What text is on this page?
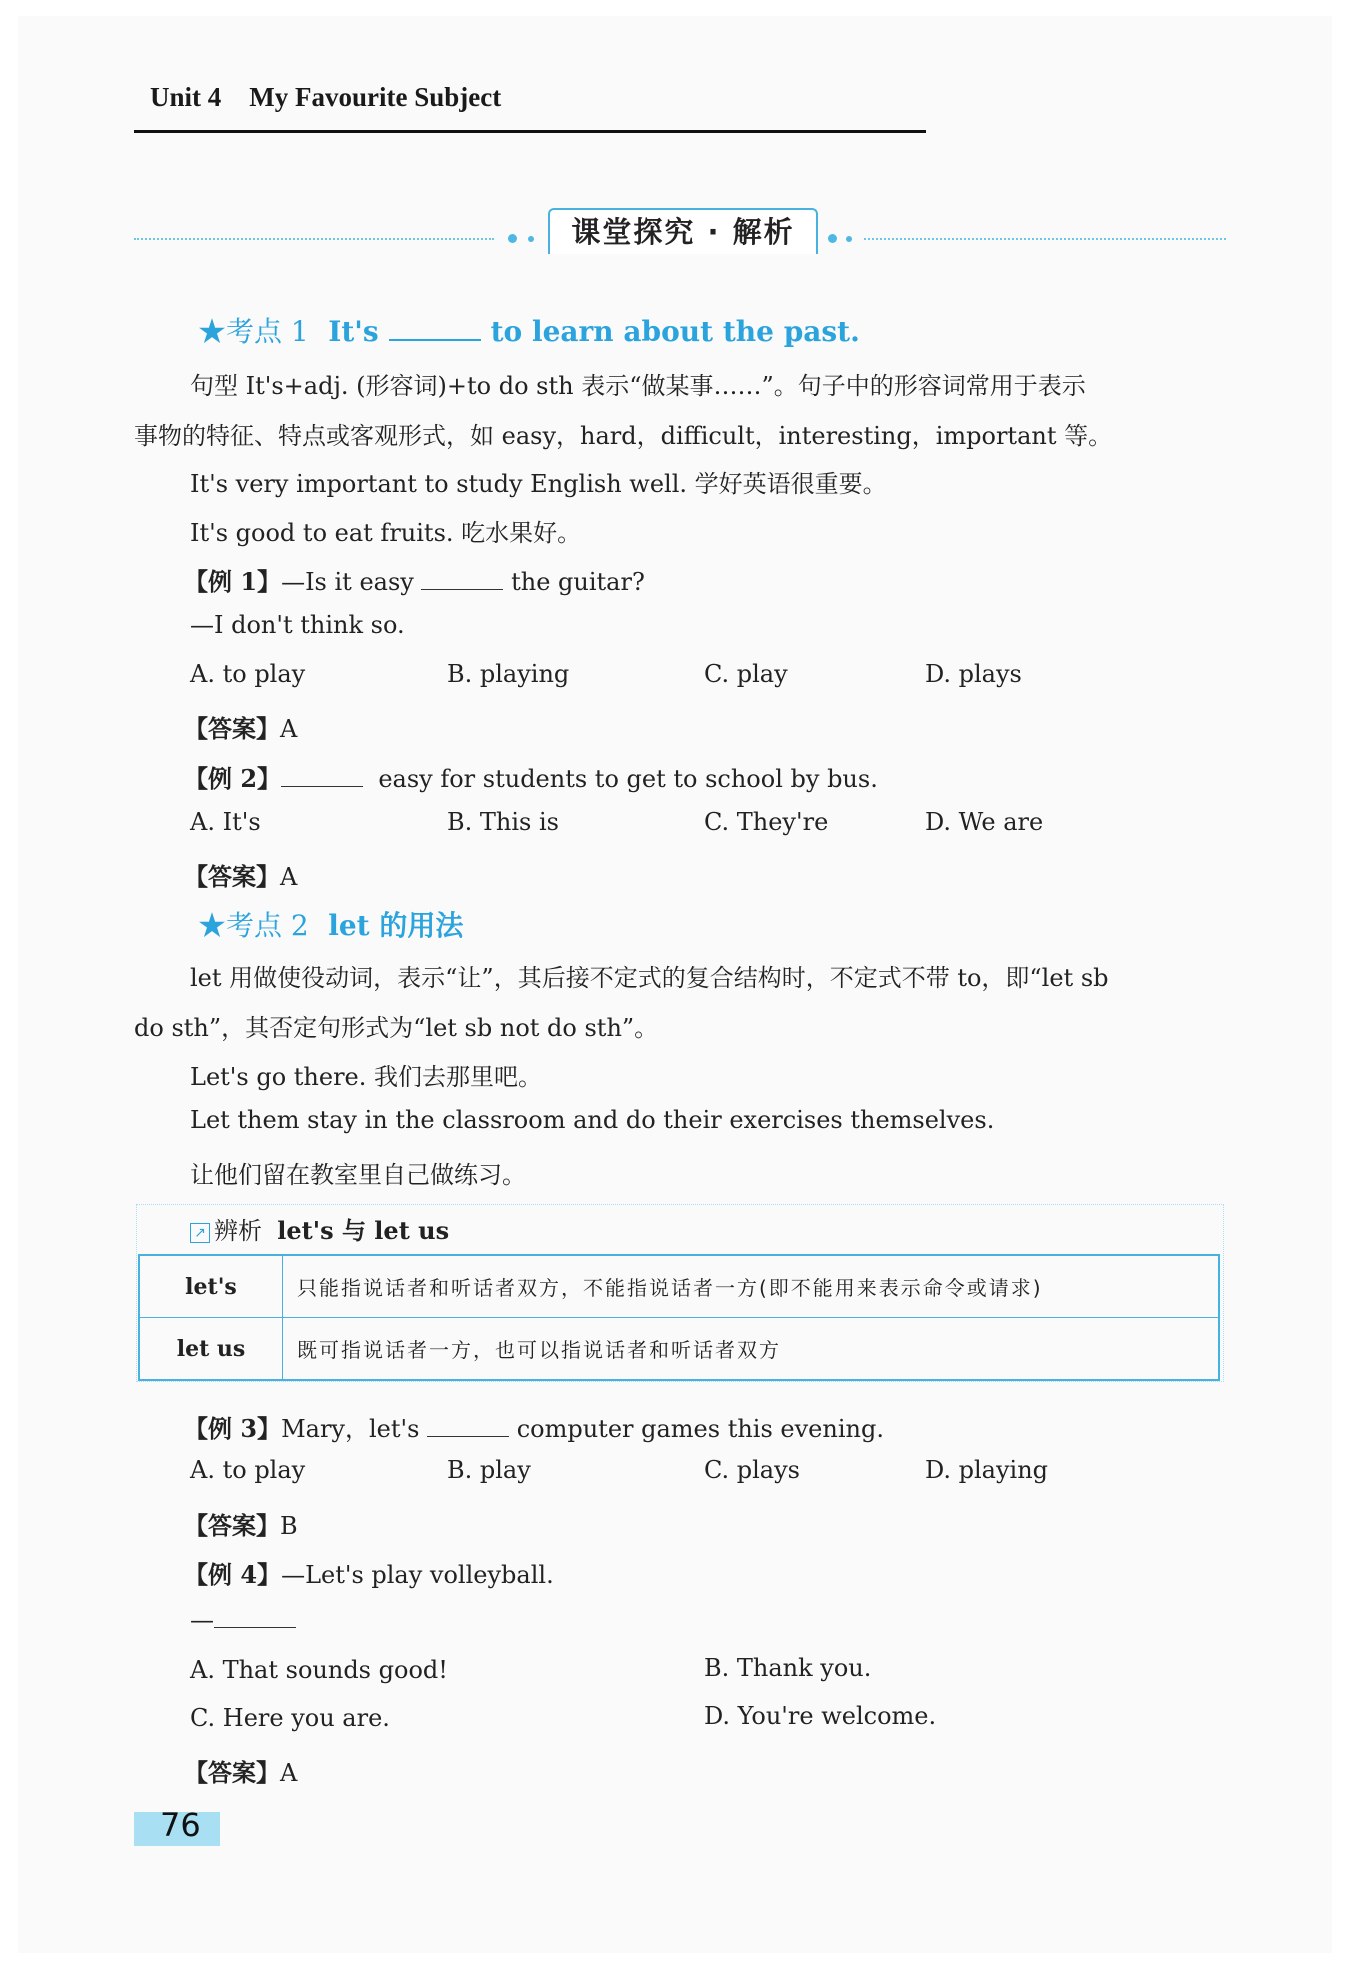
Unit 4 My Favourite Subject
课堂探究 · 解析
★考点 1 It's	to learn about the past.
句型 It's+adj. (形容词)+to do sth 表示“做某事……”。句子中的形容词常用于表示
事物的特征、特点或客观形式，如 easy，hard，difficult，interesting，important 等。
It's very important to study English well. 学好英语很重要。
It's good to eat fruits. 吃水果好。
【例 1】—Is it easy	the guitar?
—I don't think so.
A. to play	B. playing	C. play	D. plays
【答案】A
【例 2】	easy for students to get to school by bus.
A. It's	B. This is	C. They're	D. We are
【答案】A
★考点 2 let 的用法
let 用做使役动词，表示“让”，其后接不定式的复合结构时，不定式不带 to，即“let sb
do sth”，其否定句形式为“let sb not do sth”。
Let's go there. 我们去那里吧。
Let them stay in the classroom and do their exercises themselves.
让他们留在教室里自己做练习。
↗ 辨析 let's 与 let us
let's	只能指说话者和听话者双方，不能指说话者一方(即不能用来表示命令或请求)
let us	既可指说话者一方，也可以指说话者和听话者双方
【例 3】Mary，let's	computer games this evening.
A. to play	B. play	C. plays	D. playing
【答案】B
【例 4】—Let's play volleyball.
—
A. That sounds good!	B. Thank you.
C. Here you are.	D. You're welcome.
【答案】A
76
